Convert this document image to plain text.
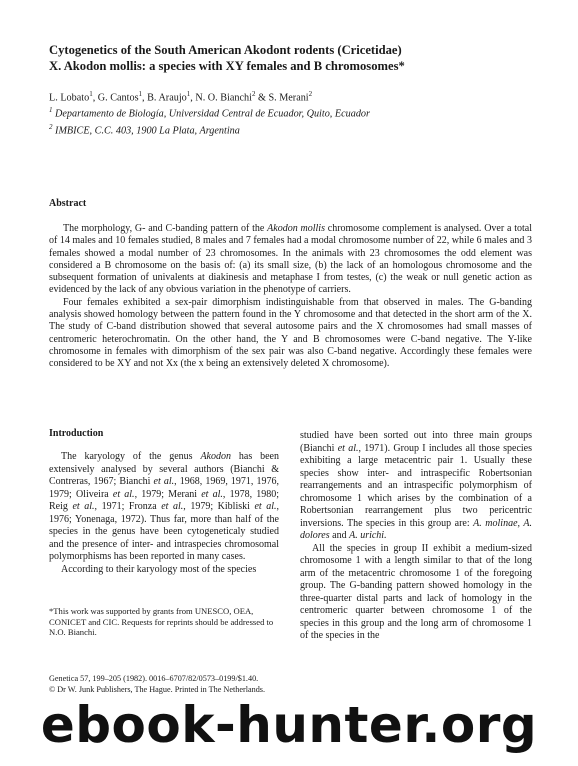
Cytogenetics of the South American Akodont rodents (Cricetidae)
X. Akodon mollis: a species with XY females and B chromosomes*
L. Lobato$^1$, G. Cantos$^1$, B. Araujo$^1$, N. O. Bianchi$^2$ & S. Merani$^2$
$^1$ Departamento de Biología, Universidad Central de Ecuador, Quito, Ecuador
$^2$ IMBICE, C.C. 403, 1900 La Plata, Argentina
Abstract

The morphology, G- and C-banding pattern of the Akodon mollis chromosome complement is analysed. Over a total of 14 males and 10 females studied, 8 males and 7 females had a modal chromosome number of 22, while 6 males and 3 females showed a modal number of 23 chromosomes. In the animals with 23 chromosomes the odd element was considered a B chromosome on the basis of: (a) its small size, (b) the lack of an homologous chromosome and the subsequent formation of univalents at diakinesis and metaphase I from testes, (c) the weak or null genetic action as evidenced by the lack of any obvious variation in the phenotype of carriers.

Four females exhibited a sex-pair dimorphism indistinguishable from that observed in males. The G-banding analysis showed homology between the pattern found in the Y chromosome and that detected in the short arm of the X. The study of C-band distribution showed that several autosome pairs and the X chromosomes had small masses of centromeric heterochromatin. On the other hand, the Y and B chromosomes were C-band negative. The Y-like chromosome in females with dimorphism of the sex pair was also C-band negative. Accordingly these females were considered to be XY and not Xx (the x being an extensively deleted X chromosome).

Introduction

The karyology of the genus Akodon has been extensively analysed by several authors (Bianchi & Contreras, 1967; Bianchi et al., 1968, 1969, 1971, 1976, 1979; Oliveira et al., 1979; Merani et al., 1978, 1980; Reig et al., 1971; Fronza et al., 1979; Kibliski et al., 1976; Yonenaga, 1972). Thus far, more than half of the species in the genus have been cytogeneticaly studied and the presence of inter- and intraspecies chromosomal polymorphisms has been reported in many cases.

According to their karyology most of the species

*This work was supported by grants from UNESCO, OEA, CONICET and CIC. Requests for reprints should be addressed to N.O. Bianchi.

studied have been sorted out into three main groups (Bianchi et al., 1971). Group I includes all those species exhibiting a large metacentric pair 1. Usually these species show inter- and intraspecific Robertsonian rearrangements and an intraspecific polymorphism of chromosome 1 which arises by the combination of a Robertsonian rearrangement plus two pericentric inversions. The species in this group are: A. molinae, A. dolores and A. urichi.

All the species in group II exhibit a medium-sized chromosome 1 with a length similar to that of the long arm of the metacentric chromosome 1 of the foregoing group. The G-banding pattern showed homology in the three-quarter distal parts and lack of homology in the centromeric quarter between chromosome 1 of the species in this group and the long arm of chromosome 1 of the species in the

Genetica 57, 199–205 (1982). 0016–6707/82/0573–0199/$1.40.
© Dr W. Junk Publishers, The Hague. Printed in The Netherlands.
ebook-hunter.org
